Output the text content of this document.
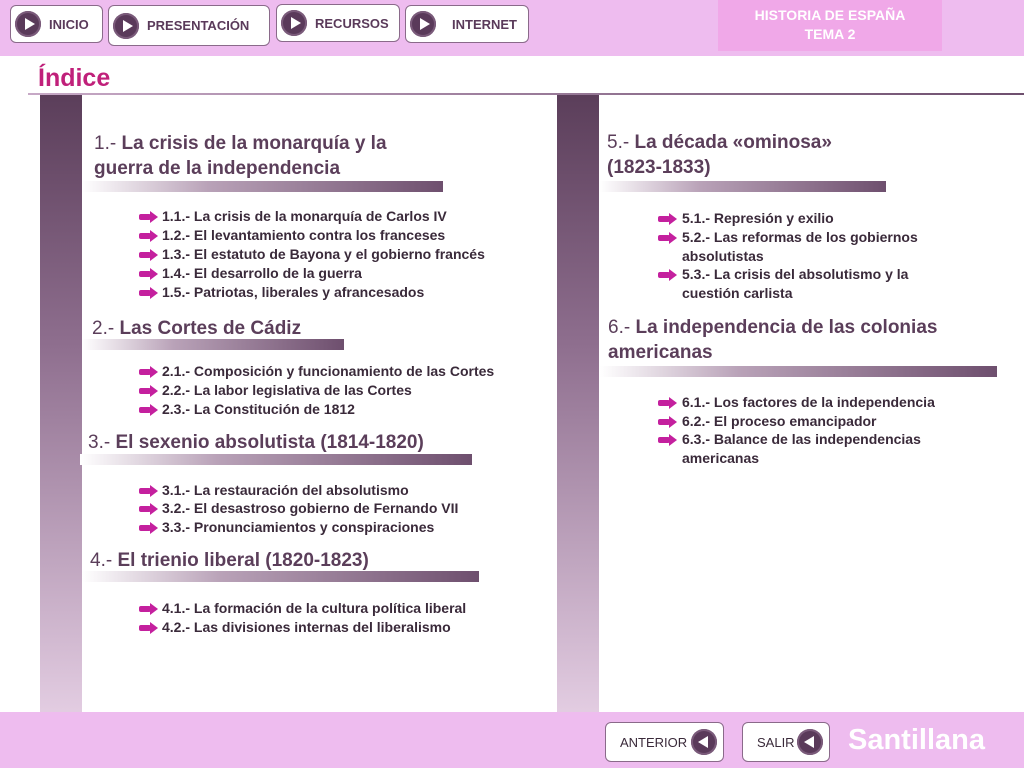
INICIO	PRESENTACIÓN	RECURSOS	INTERNET
HISTORIA DE ESPAÑA
TEMA 2
Índice
1.- La crisis de la monarquía y la
guerra de la independencia
1.1.- La crisis de la monarquía de Carlos IV
1.2.- El levantamiento contra los franceses
1.3.- El estatuto de Bayona y el gobierno francés
1.4.- El desarrollo de la guerra
1.5.- Patriotas, liberales y afrancesados
2.- Las Cortes de Cádiz
2.1.- Composición y funcionamiento de las Cortes
2.2.- La labor legislativa de las Cortes
2.3.- La Constitución de 1812
3.- El sexenio absolutista (1814-1820)
3.1.- La restauración del absolutismo
3.2.- El desastroso gobierno de Fernando VII
3.3.- Pronunciamientos y conspiraciones
4.- El trienio liberal (1820-1823)
4.1.- La formación de la cultura política liberal
4.2.- Las divisiones internas del liberalismo
5.- La década «ominosa»
(1823-1833)
5.1.- Represión y exilio
5.2.- Las reformas de los gobiernos
absolutistas
5.3.- La crisis del absolutismo y la
cuestión carlista
6.- La independencia de las colonias
americanas
6.1.- Los factores de la independencia
6.2.- El proceso emancipador
6.3.- Balance de las independencias
americanas
ANTERIOR	SALIR Santillana
